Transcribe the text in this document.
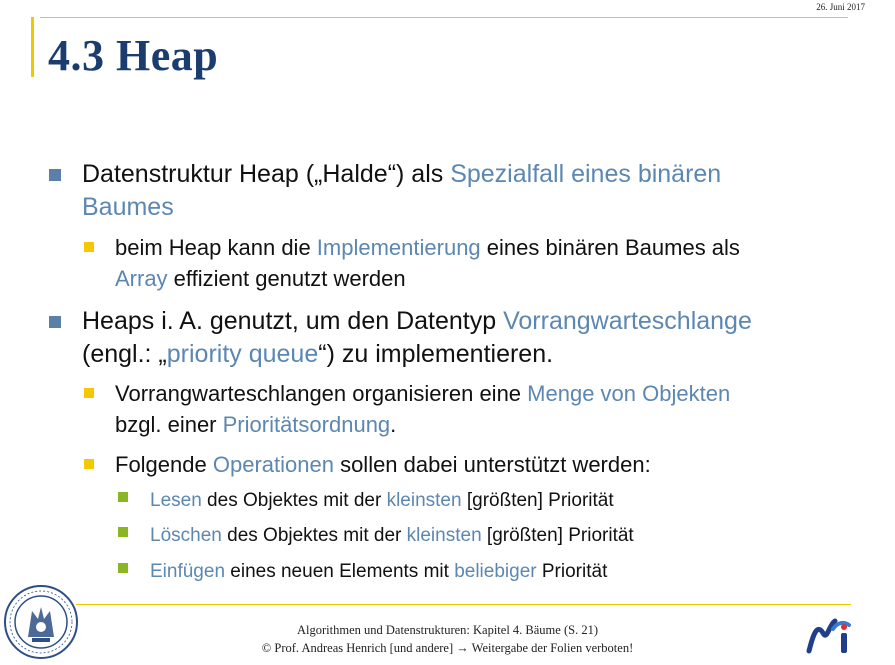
26. Juni 2017
4.3 Heap
Datenstruktur Heap („Halde“) als Spezialfall eines binären
Baumes
beim Heap kann die Implementierung eines binären Baumes als
Array effizient genutzt werden
Heaps i. A. genutzt, um den Datentyp Vorrangwarteschlange
(engl.: „priority queue“) zu implementieren.
Vorrangwarteschlangen organisieren eine Menge von Objekten
bzgl. einer Prioritätsordnung.
Folgende Operationen sollen dabei unterstützt werden:
Lesen des Objektes mit der kleinsten [größten] Priorität
Löschen des Objektes mit der kleinsten [größten] Priorität
Einfügen eines neuen Elements mit beliebiger Priorität
Algorithmen und Datenstrukturen: Kapitel 4. Bäume (S. 21)
© Prof. Andreas Henrich [und andere] → Weitergabe der Folien verboten!
